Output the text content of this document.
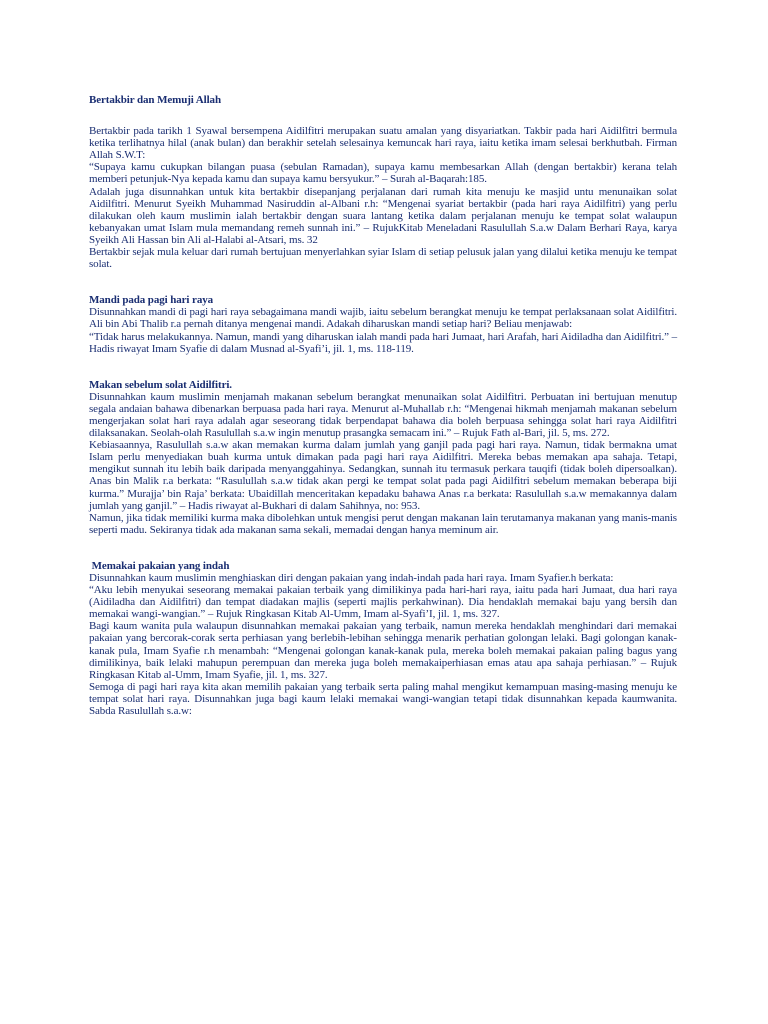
Bertakbir dan Memuji Allah

Bertakbir pada tarikh 1 Syawal bersempena Aidilfitri merupakan suatu amalan yang disyariatkan. Takbir pada hari Aidilfitri bermula ketika terlihatnya hilal (anak bulan) dan berakhir setelah selesainya kemuncak hari raya, iaitu ketika imam selesai berkhutbah. Firman Allah S.W.T:

“Supaya kamu cukupkan bilangan puasa (sebulan Ramadan), supaya kamu membesarkan Allah (dengan bertakbir) kerana telah memberi petunjuk-Nya kepada kamu dan supaya kamu bersyukur.” – Surah al-Baqarah:185.

Adalah juga disunnahkan untuk kita bertakbir disepanjang perjalanan dari rumah kita menuju ke masjid untu menunaikan solat Aidilfitri. Menurut Syeikh Muhammad Nasiruddin al-Albani r.h: “Mengenai syariat bertakbir (pada hari raya Aidilfitri) yang perlu dilakukan oleh kaum muslimin ialah bertakbir dengan suara lantang ketika dalam perjalanan menuju ke tempat solat walaupun kebanyakan umat Islam mula memandang remeh sunnah ini.” – RujukKitab Meneladani Rasulullah S.a.w Dalam Berhari Raya, karya Syeikh Ali Hassan bin Ali al-Halabi al-Atsari, ms. 32

Bertakbir sejak mula keluar dari rumah bertujuan menyerlahkan syiar Islam di setiap pelusuk jalan yang dilalui ketika menuju ke tempat solat.

Mandi pada pagi hari raya

Disunnahkan mandi di pagi hari raya sebagaimana mandi wajib, iaitu sebelum berangkat menuju ke tempat perlaksanaan solat Aidilfitri. Ali bin Abi Thalib r.a pernah ditanya mengenai mandi. Adakah diharuskan mandi setiap hari? Beliau menjawab:

“Tidak harus melakukannya. Namun, mandi yang diharuskan ialah mandi pada hari Jumaat, hari Arafah, hari Aidiladha dan Aidilfitri.” – Hadis riwayat Imam Syafie di dalam Musnad al-Syafi’i, jil. 1, ms. 118-119.

Makan sebelum solat Aidilfitri.

Disunnahkan kaum muslimin menjamah makanan sebelum berangkat menunaikan solat Aidilfitri. Perbuatan ini bertujuan menutup segala andaian bahawa dibenarkan berpuasa pada hari raya. Menurut al-Muhallab r.h: “Mengenai hikmah menjamah makanan sebelum mengerjakan solat hari raya adalah agar seseorang tidak berpendapat bahawa dia boleh berpuasa sehingga solat hari raya Aidilfitri dilaksanakan. Seolah-olah Rasulullah s.a.w ingin menutup prasangka semacam ini.” – Rujuk Fath al-Bari, jil. 5, ms. 272.

Kebiasaannya, Rasulullah s.a.w akan memakan kurma dalam jumlah yang ganjil pada pagi hari raya. Namun, tidak bermakna umat Islam perlu menyediakan buah kurma untuk dimakan pada pagi hari raya Aidilfitri. Mereka bebas memakan apa sahaja. Tetapi, mengikut sunnah itu lebih baik daripada menyanggahinya. Sedangkan, sunnah itu termasuk perkara tauqifi (tidak boleh dipersoalkan). Anas bin Malik r.a berkata: “Rasulullah s.a.w tidak akan pergi ke tempat solat pada pagi Aidilfitri sebelum memakan beberapa biji kurma.” Murajja’ bin Raja’ berkata: Ubaidillah menceritakan kepadaku bahawa Anas r.a berkata: Rasulullah s.a.w memakannya dalam jumlah yang ganjil.” – Hadis riwayat al-Bukhari di dalam Sahihnya, no: 953.

Namun, jika tidak memiliki kurma maka dibolehkan untuk mengisi perut dengan makanan lain terutamanya makanan yang manis-manis seperti madu. Sekiranya tidak ada makanan sama sekali, memadai dengan hanya meminum air.

Memakai pakaian yang indah

Disunnahkan kaum muslimin menghiaskan diri dengan pakaian yang indah-indah pada hari raya. Imam Syafier.h berkata:

“Aku lebih menyukai seseorang memakai pakaian terbaik yang dimilikinya pada hari-hari raya, iaitu pada hari Jumaat, dua hari raya (Aidiladha dan Aidilfitri) dan tempat diadakan majlis (seperti majlis perkahwinan). Dia hendaklah memakai baju yang bersih dan memakai wangi-wangian.” – Rujuk Ringkasan Kitab Al-Umm, Imam al-Syafi’I, jil. 1, ms. 327.

Bagi kaum wanita pula walaupun disunnahkan memakai pakaian yang terbaik, namun mereka hendaklah menghindari dari memakai pakaian yang bercorak-corak serta perhiasan yang berlebih-lebihan sehingga menarik perhatian golongan lelaki. Bagi golongan kanak-kanak pula, Imam Syafie r.h menambah: “Mengenai golongan kanak-kanak pula, mereka boleh memakai pakaian paling bagus yang dimilikinya, baik lelaki mahupun perempuan dan mereka juga boleh memakaiperhiasan emas atau apa sahaja perhiasan.” – Rujuk Ringkasan Kitab al-Umm, Imam Syafie, jil. 1, ms. 327.

Semoga di pagi hari raya kita akan memilih pakaian yang terbaik serta paling mahal mengikut kemampuan masing-masing menuju ke tempat solat hari raya. Disunnahkan juga bagi kaum lelaki memakai wangi-wangian tetapi tidak disunnahkan kepada kaumwanita. Sabda Rasulullah s.a.w:
